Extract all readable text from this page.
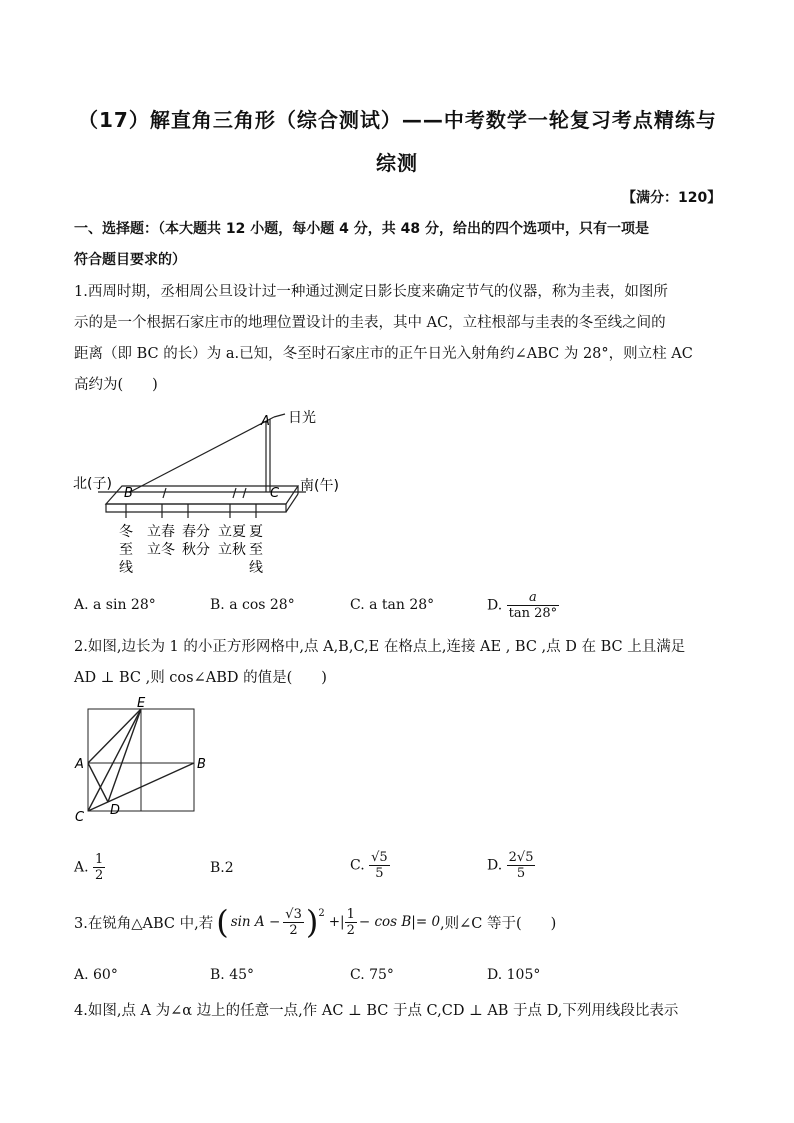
（17）解直角三角形（综合测试）——中考数学一轮复习考点精练与
综测
【满分：120】
一、选择题：（本大题共 12 小题，每小题 4 分，共 48 分，给出的四个选项中，只有一项是
符合题目要求的）
1.西周时期，丞相周公旦设计过一种通过测定日影长度来确定节气的仪器，称为圭表，如图所
示的是一个根据石家庄市的地理位置设计的圭表，其中 AC，立柱根部与圭表的冬至线之间的
距离（即 BC 的长）为 a.已知，冬至时石家庄市的正午日光入射角约∠ABC 为 28°，则立柱 AC
高约为(　　)
A 日光
B	C
北(子)	南(午)
冬
至
线
立春
立冬
春分
秋分
立夏
立秋
夏
至
线
A. a sin 28°	B. a cos 28°	C. a tan 28°	D. $\frac{a}{\tan 28^\circ}$
2.如图,边长为 1 的小正方形网格中,点 A,B,C,E 在格点上,连接 AE , BC ,点 D 在 BC 上且满足
AD ⊥ BC ,则 cos∠ABD 的值是(　　)
E
A	B
C D
A. $\frac{1}{2}$	B.2	C. $\frac{√5}{5}$	D. $\frac{2√5}{5}$
3.在锐角△ABC 中,若 ( $\sin A - \frac{√3}{2} )^2$
+| $\frac{1}{2} - \cos B|= 0$ ,则∠C 等于(　　)
A. 60°	B. 45°	C. 75°	D. 105°
4.如图,点 A 为∠α 边上的任意一点,作 AC ⊥ BC 于点 C,CD ⊥ AB 于点 D,下列用线段比表示
